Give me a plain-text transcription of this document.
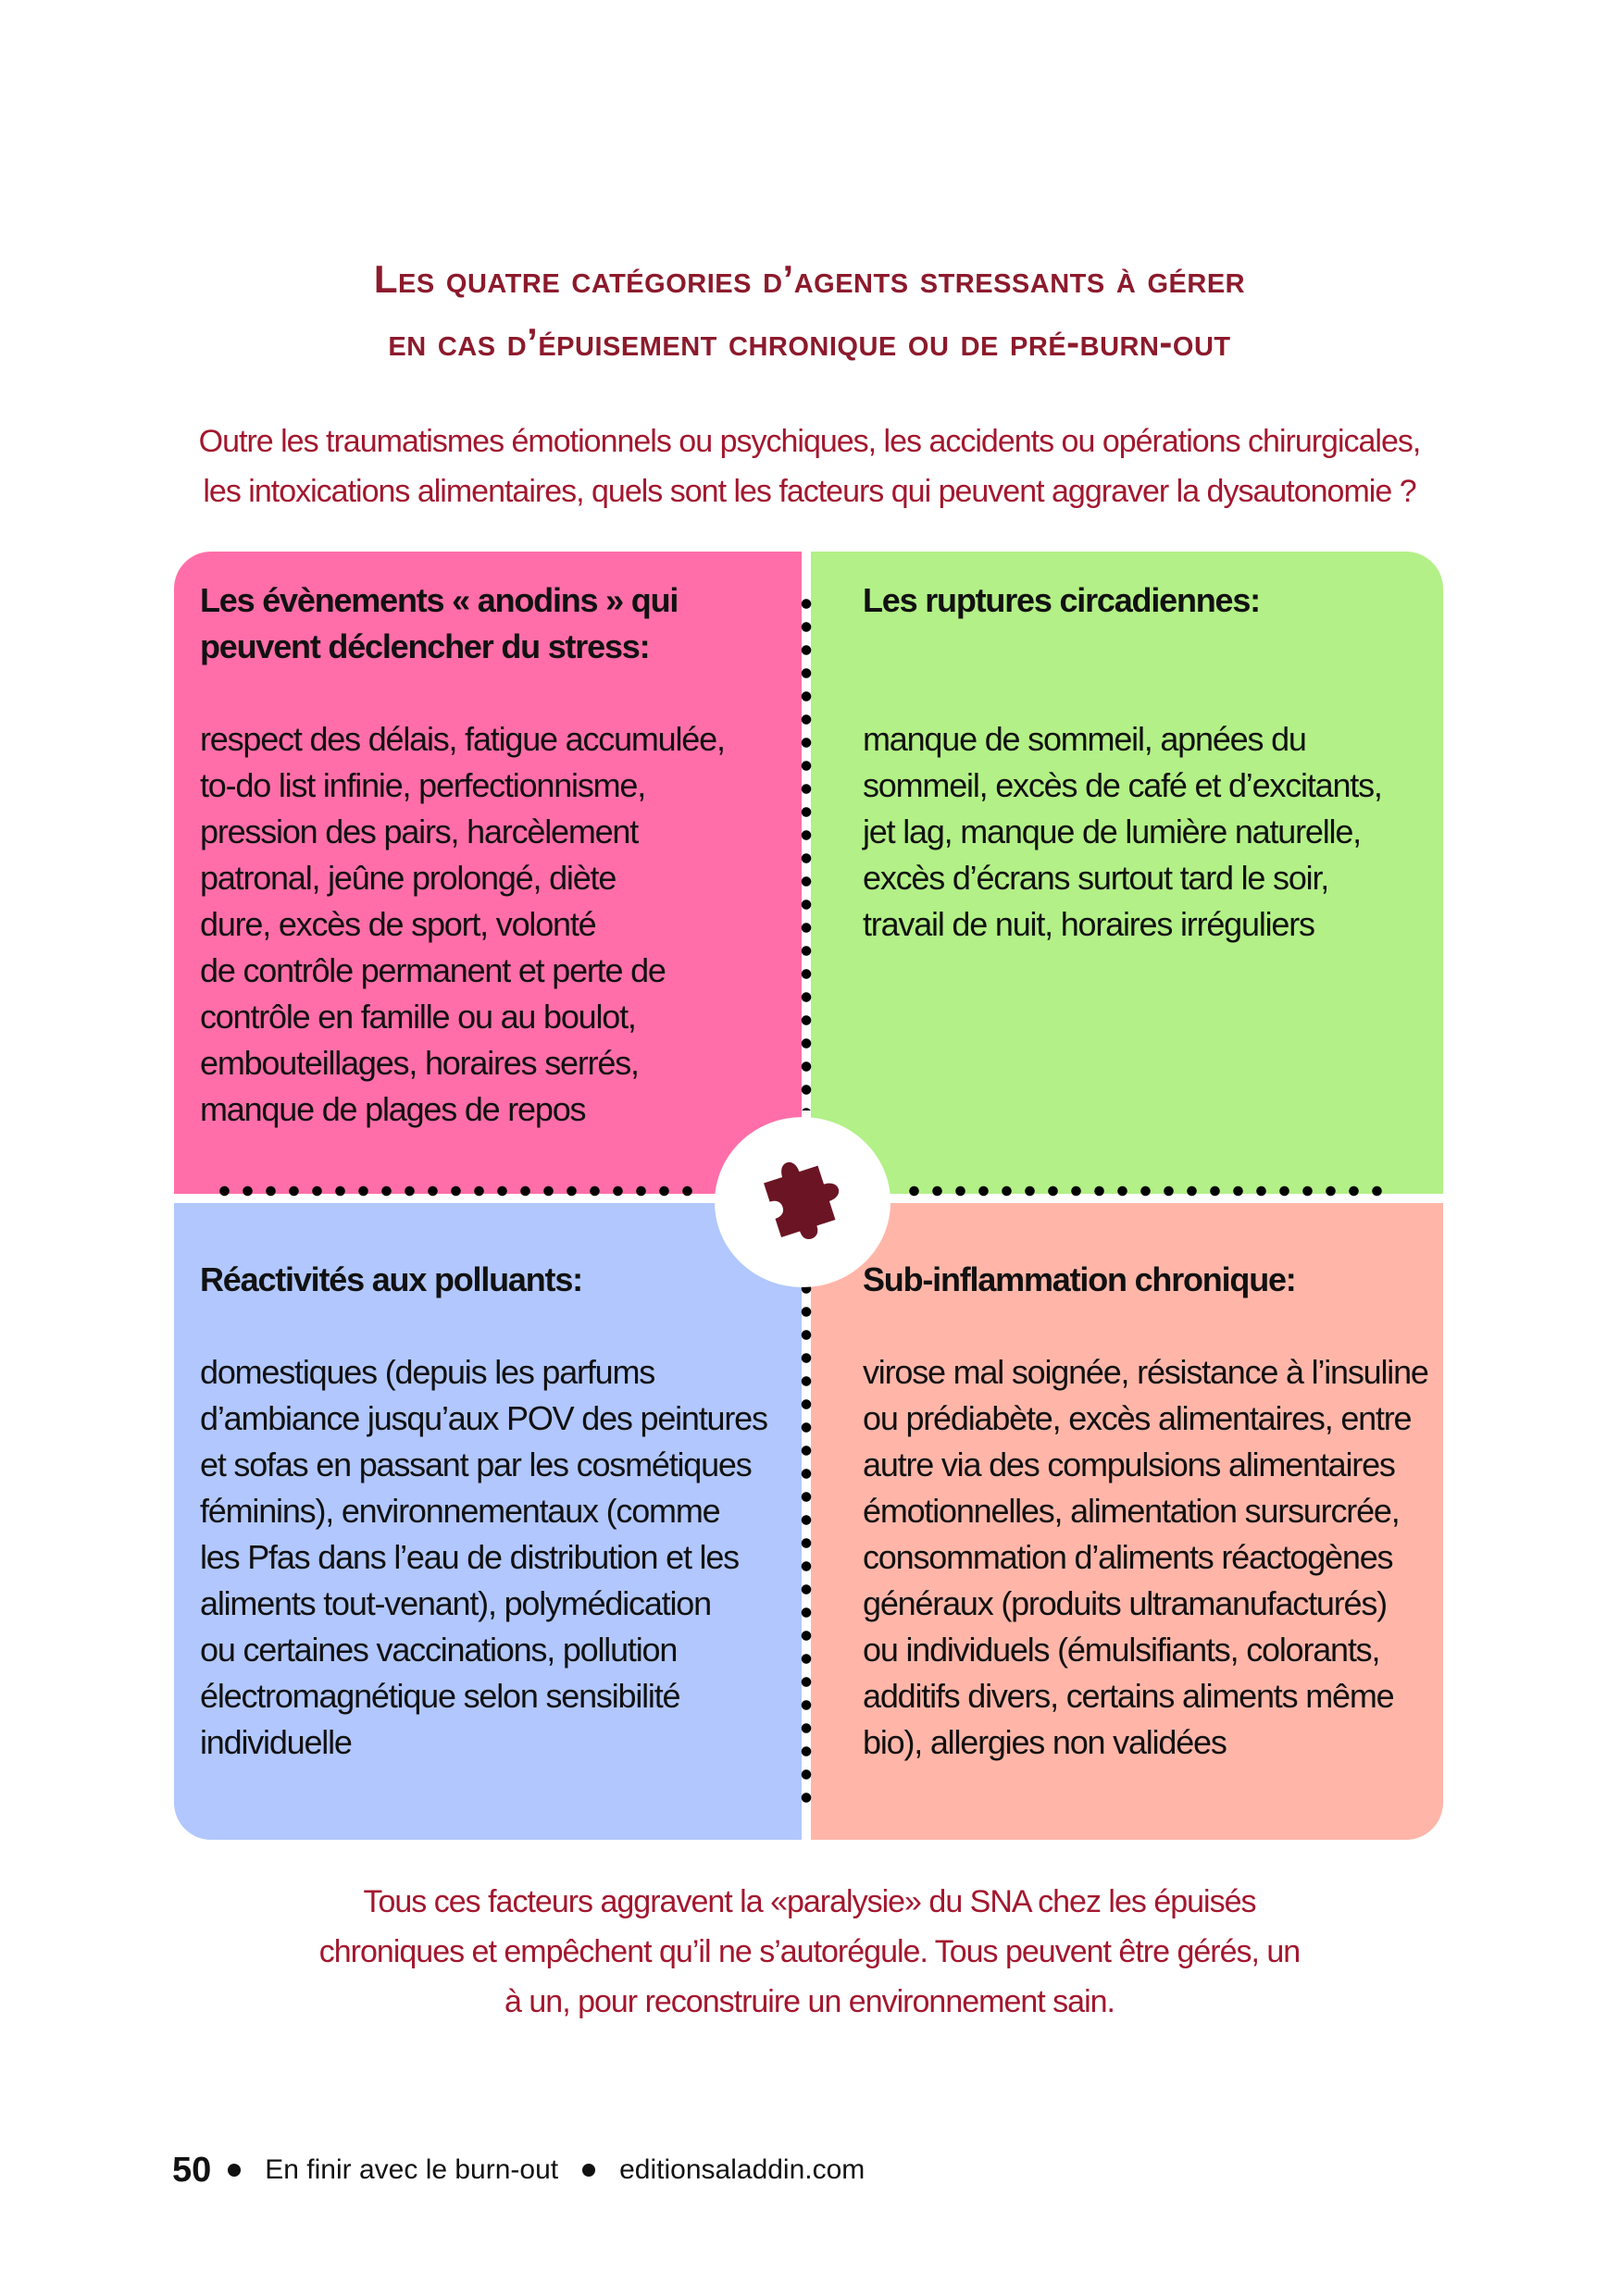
Les quatre catégories d’agents stressants à gérer
en cas d’épuisement chronique ou de pré-burn-out
Outre les traumatismes émotionnels ou psychiques, les accidents ou opérations chirurgicales,
les intoxications alimentaires, quels sont les facteurs qui peuvent aggraver la dysautonomie ?
Les évènements « anodins » qui
peuvent déclencher du stress:
respect des délais, fatigue accumulée,
to-do list infinie, perfectionnisme,
pression des pairs, harcèlement
patronal, jeûne prolongé, diète
dure, excès de sport, volonté
de contrôle permanent et perte de
contrôle en famille ou au boulot,
embouteillages, horaires serrés,
manque de plages de repos
Les ruptures circadiennes:
manque de sommeil, apnées du
sommeil, excès de café et d’excitants,
jet lag, manque de lumière naturelle,
excès d’écrans surtout tard le soir,
travail de nuit, horaires irréguliers
Réactivités aux polluants:
domestiques (depuis les parfums
d’ambiance jusqu’aux POV des peintures
et sofas en passant par les cosmétiques
féminins), environnementaux (comme
les Pfas dans l’eau de distribution et les
aliments tout-venant), polymédication
ou certaines vaccinations, pollution
électromagnétique selon sensibilité
individuelle
Sub-inflammation chronique:
virose mal soignée, résistance à l’insuline
ou prédiabète, excès alimentaires, entre
autre via des compulsions alimentaires
émotionnelles, alimentation sursurcrée,
consommation d’aliments réactogènes
généraux (produits ultramanufacturés)
ou individuels (émulsifiants, colorants,
additifs divers, certains aliments même
bio), allergies non validées
Tous ces facteurs aggravent la «paralysie» du SNA chez les épuisés
chroniques et empêchent qu’il ne s’autorégule. Tous peuvent être gérés, un
à un, pour reconstruire un environnement sain.
50 En finir avec le burn-out editionsaladdin.com
